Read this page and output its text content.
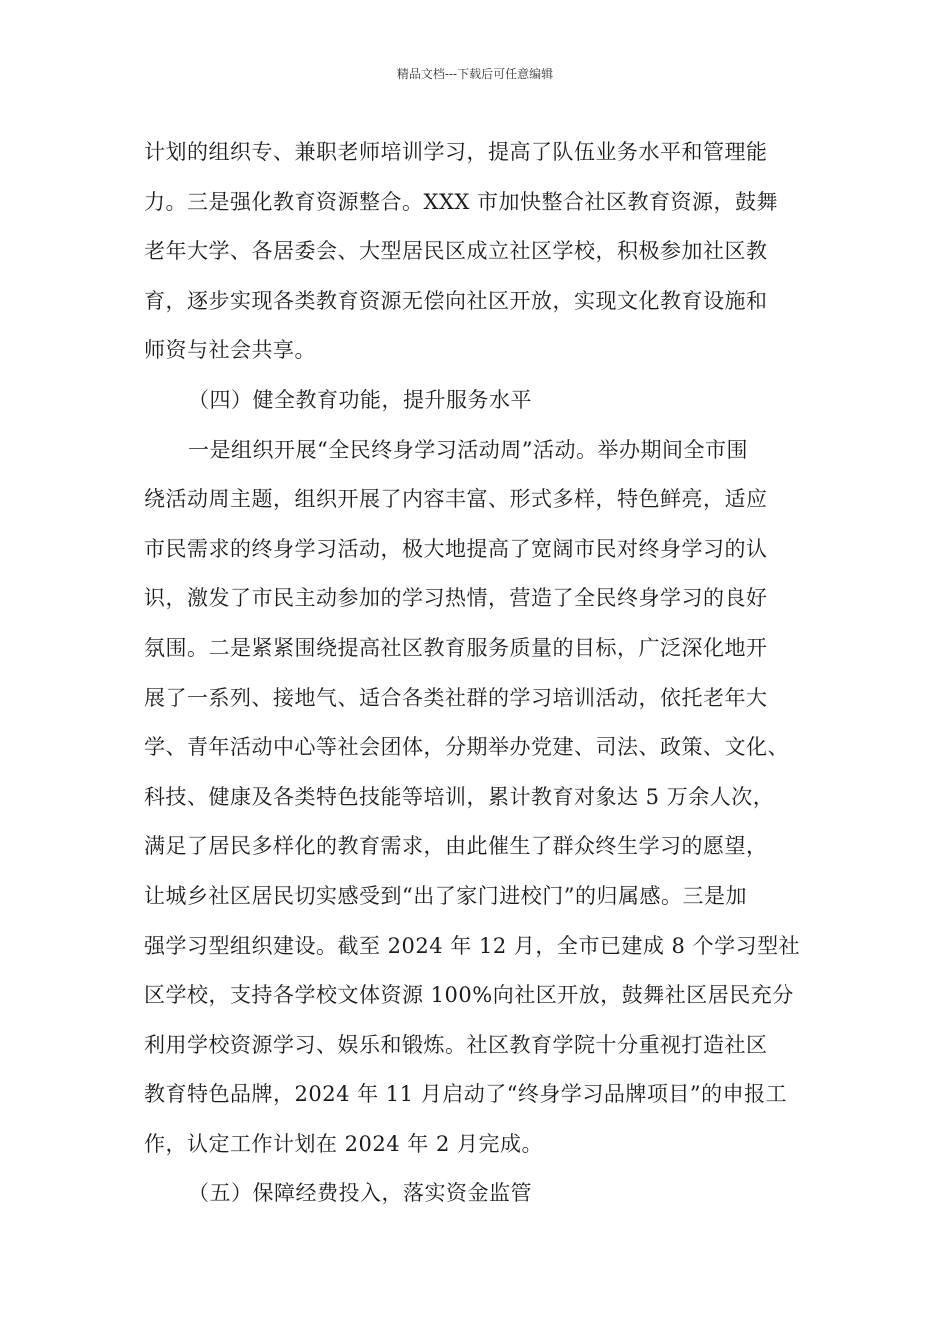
精品文档---下载后可任意编辑
计划的组织专、兼职老师培训学习，提高了队伍业务水平和管理能
力。三是强化教育资源整合。XXX 市加快整合社区教育资源，鼓舞
老年大学、各居委会、大型居民区成立社区学校，积极参加社区教
育，逐步实现各类教育资源无偿向社区开放，实现文化教育设施和
师资与社会共享。
（四）健全教育功能，提升服务水平
一是组织开展“全民终身学习活动周”活动。举办期间全市围
绕活动周主题，组织开展了内容丰富、形式多样，特色鲜亮，适应
市民需求的终身学习活动，极大地提高了宽阔市民对终身学习的认
识，激发了市民主动参加的学习热情，营造了全民终身学习的良好
氛围。二是紧紧围绕提高社区教育服务质量的目标，广泛深化地开
展了一系列、接地气、适合各类社群的学习培训活动，依托老年大
学、青年活动中心等社会团体，分期举办党建、司法、政策、文化、
科技、健康及各类特色技能等培训，累计教育对象达 5 万余人次，
满足了居民多样化的教育需求，由此催生了群众终生学习的愿望，
让城乡社区居民切实感受到“出了家门进校门”的归属感。三是加
强学习型组织建设。截至 2024 年 12 月，全市已建成 8 个学习型社
区学校，支持各学校文体资源 100%向社区开放，鼓舞社区居民充分
利用学校资源学习、娱乐和锻炼。社区教育学院十分重视打造社区
教育特色品牌，2024 年 11 月启动了“终身学习品牌项目”的申报工
作，认定工作计划在 2024 年 2 月完成。
（五）保障经费投入，落实资金监管
